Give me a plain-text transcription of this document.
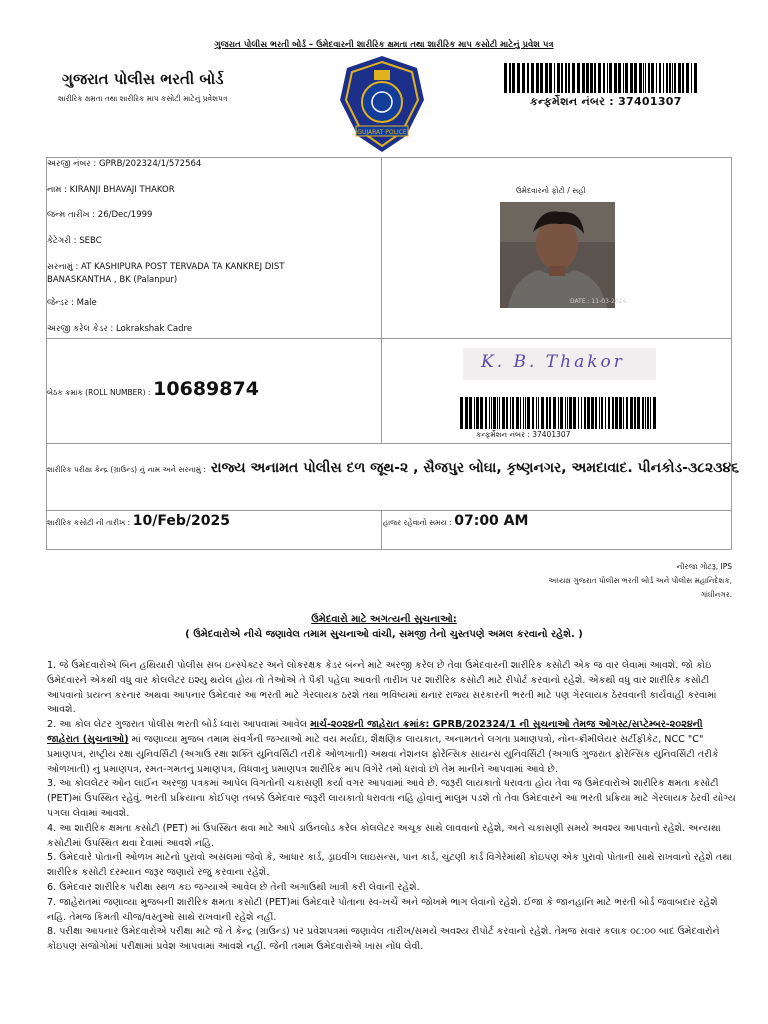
ગુજરાત પોલીસ ભરતી બોર્ડ – ઉમેદવારની શારીરિક ક્ષમતા તથા શારીરિક માપ કસોટી માટેનું પ્રવેશ પત્ર
ગુજરાત પોલીસ ભરતી બોર્ડ
શારીરિક ક્ષમતા તથા શારીરિક માપ કસોટી માટેનું પ્રવેશપત્ર
GUJARAT POLICE
કન્ફર્મેશન નંબર : 37401307
અરજી નંબર : GPRB/202324/1/572564
નામ : KIRANJI BHAVAJI THAKOR
જન્મ તારીખ : 26/Dec/1999
કેટેગરી : SEBC
સરનામું : AT KASHIPURA POST TERVADA TA KANKREJ DIST
BANASKANTHA , BK (Palanpur)
જેન્ડર : Male
અરજી કરેલ કેડર : Lokrakshak Cadre
ઉમેદવારનો ફોટો / સહી
DATE : 11-03-2024
K. B. Thakor
બેઠક ક્રમાંક (ROLL NUMBER) : 10689874
કન્ફર્મેશન નંબર : 37401307
શારીરિક પરીક્ષા કેન્દ્ર (ગ્રાઉન્ડ) નું નામ અને સરનામું : રાજ્ય અનામત પોલીસ દળ જૂથ-૨ , સૈજપુર બોઘા, કૃષ્ણનગર, અમદાવાદ. પીનકોડ-૩૮૨૩૪૬
શારીરિક કસોટી ની તારીખ : 10/Feb/2025	હાજર રહેવાનો સમય : 07:00 AM
નીરજા ગોટરૂ, IPS
અધ્યક્ષ ગુજરાત પોલીસ ભરતી બોર્ડ અને પોલીસ મહાનિદેશક,
ગાંધીનગર.
ઉમેદવારો માટે અગત્યની સુચનાઓ:
( ઉમેદવારોએ નીચે જણાવેલ તમામ સુચનાઓ વાંચી, સમજી તેનો ચુસ્તપણે અમલ કરવાનો રહેશે. )

1. જે ઉમેદવારોએ બિન હથિયારી પોલીસ સબ ઇન્સ્પેક્ટર અને લોકરક્ષક કેડર બંન્ને માટે અરજી કરેલ છે તેવા ઉમેદવારની શારીરિક કસોટી એક જ વાર લેવામાં આવશે. જો કોઇ ઉમેદવારને એકથી વધુ વાર કોલલેટર ઇશ્યુ થયેલ હોય તો તેઓએ તે પૈકી પહેલા આવતી તારીખ પર શારીરિક કસોટી માટે રીપોર્ટ કરવાનો રહેશે. એકથી વધુ વાર શારીરિક કસોટી આપવાનો પ્રયત્ન કરનાર અથવા આપનાર ઉમેદવાર આ ભરતી માટે ગેરલાયક ઠરશે તથા ભવિષ્યમાં થનાર રાજ્ય સરકારની ભરતી માટે પણ ગેરલાયક ઠેરવવાની કાર્યવાહી કરવામાં આવશે.

2. આ કોલ લેટર ગુજરાત પોલીસ ભરતી બોર્ડ ધ્વારા આપવામાં આવેલ માર્ચ-૨૦૨૪ની જાહેરાત ક્રમાંક: GPRB/202324/1 ની સુચનાઓ તેમજ ઓગસ્ટ/સપ્ટેમ્બર-૨૦૨૪ની જાહેરાત (સુચનાઓ) માં જણાવ્યા મુજબ તમામ સંવર્ગની જગ્યાઓ માટે વય મર્યાદા, શૈક્ષણિક લાયકાત, અનામતને લગતા પ્રમાણપત્રો, નોન-ક્રીમીલેયર સર્ટીફીકેટ, NCC "C" પ્રમાણપત્ર, રાષ્ટ્રીય રક્ષા યુનિવર્સિટી (અગાઉ રક્ષા શક્તિ યુનિવર્સિટી તરીકે ઓળખાતી) અથવા નેશનલ ફોરેન્સિક સાયન્સ યુનિવર્સિટી (અગાઉ ગુજરાત ફોરેન્સિક યુનિવર્સિટી તરીકે ઓળખાતી) નું પ્રમાણપત્ર, રમત-ગમતનું પ્રમાણપત્ર, વિધવાનું પ્રમાણપત્ર શારીરિક માપ વિગેરે તમો ધરાવો છો તેમ માનીને આપવામાં આવે છે.

3. આ કોલલેટર ઓન લાઈન અરજી પત્રકમાં આપેલ વિગતોની ચકાસણી કર્યા વગર આપવામાં આવે છે. જરૂરી લાયકાતો ધરાવતા હોય તેવા જ ઉમેદવારોએ શારીરિક ક્ષમતા કસોટી (PET)માં ઉપસ્થિત રહેવું. ભરતી પ્રક્રિયાના કોઈપણ તબક્કે ઉમેદવાર જરૂરી લાયકાતો ધરાવતા નહિ હોવાનું માલુમ પડશે તો તેવા ઉમેદવારને આ ભરતી પ્રક્રિયા માટે ગેરલાયક ઠેરવી યોગ્ય પગલા લેવામાં આવશે.

4. આ શારીરિક ક્ષમતા કસોટી (PET) માં ઉપસ્થિત થવા માટે આપે ડાઉનલોડ કરેલ કોલલેટર અચૂક સાથે લાવવાનો રહેશે, અને ચકાસણી સમયે અવશ્ય આપવાનો રહેશે. અન્યથા કસોટીમાં ઉપસ્થિત થવા દેવામાં આવશે નહિ.

5. ઉમેદવારે પોતાની ઓળખ માટેનો પુરાવો અસલમાં જેવો કે, આધાર કાર્ડ, ડ્રાઇવીંગ લાઇસન્સ, પાન કાર્ડ, ચુંટણી કાર્ડ વિગેરેમાંથી કોઇપણ એક પુરાવો પોતાની સાથે રાખવાનો રહેશે તથા શારીરિક કસોટી દરમ્યાન જરૂર જણાયે રજુ કરવાના રહેશે.

6. ઉમેદવાર શારીરિક પરીક્ષા સ્થળ કઇ જગ્યાએ આવેલ છે તેની અગાઉથી ખાત્રી કરી લેવાની રહેશે.

7. જાહેરાતમાં જણાવ્યા મુજબની શારીરિક ક્ષમતા કસોટી (PET)માં ઉમેદવારે પોતાના સ્વ-ખર્ચે અને જોખમે ભાગ લેવાનો રહેશે. ઈજા કે જાનહાનિ માટે ભરતી બોર્ડ જવાબદાર રહેશે નહિ. તેમજ કિંમતી ચીજ/વસ્તુઓ સાથે રાખવાની રહેશે નહીં.

8. પરીક્ષા આપનાર ઉમેદવારોએ પરીક્ષા માટે જે તે કેન્દ્ર (ગ્રાઉન્ડ) પર પ્રવેશપત્રમાં જણાવેલ તારીખ/સમયે અવશ્ય રીપોર્ટ કરવાનો રહેશે. તેમજ સવાર કલાક ૦૮:૦૦ બાદ ઉમેદવારોને કોઇપણ સંજોગોમાં પરીક્ષામાં પ્રવેશ આપવામાં આવશે નહીં. જેની તમામ ઉમેદવારોએ ખાસ નોંધ લેવી.
